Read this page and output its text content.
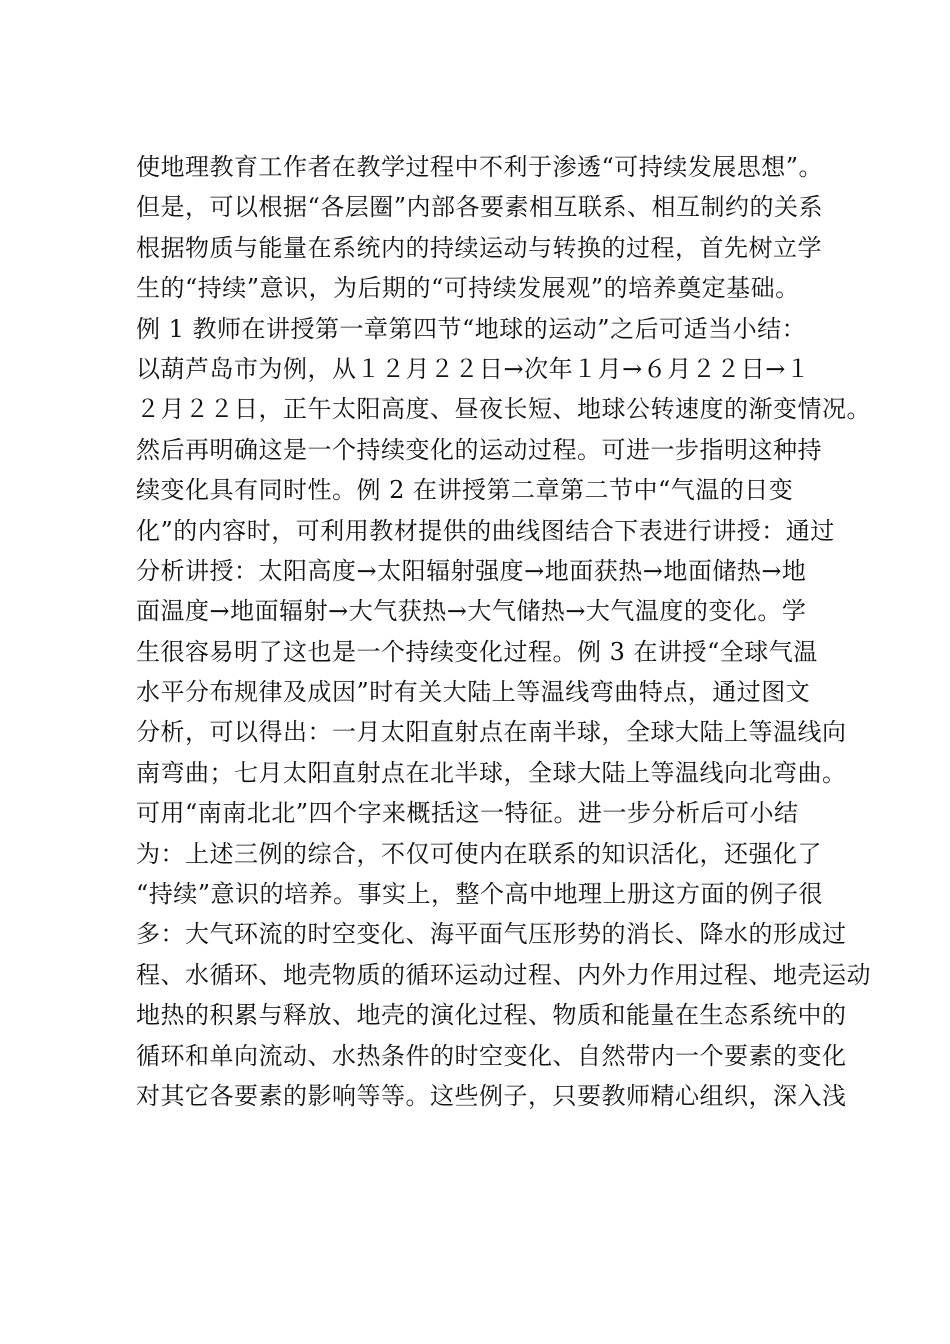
使地理教育工作者在教学过程中不利于渗透“可持续发展思想”。
但是，可以根据“各层圈”内部各要素相互联系、相互制约的关系
根据物质与能量在系统内的持续运动与转换的过程，首先树立学
生的“持续”意识，为后期的“可持续发展观”的培养奠定基础。
例 1 教师在讲授第一章第四节“地球的运动”之后可适当小结：
以葫芦岛市为例，从１２月２２日→次年１月→６月２２日→１
２月２２日，正午太阳高度、昼夜长短、地球公转速度的渐变情况。
然后再明确这是一个持续变化的运动过程。可进一步指明这种持
续变化具有同时性。例 2 在讲授第二章第二节中“气温的日变
化”的内容时，可利用教材提供的曲线图结合下表进行讲授：通过
分析讲授：太阳高度→太阳辐射强度→地面获热→地面储热→地
面温度→地面辐射→大气获热→大气储热→大气温度的变化。学
生很容易明了这也是一个持续变化过程。例 3 在讲授“全球气温
水平分布规律及成因”时有关大陆上等温线弯曲特点，通过图文
分析，可以得出：一月太阳直射点在南半球，全球大陆上等温线向
南弯曲；七月太阳直射点在北半球，全球大陆上等温线向北弯曲。
可用“南南北北”四个字来概括这一特征。进一步分析后可小结
为：上述三例的综合，不仅可使内在联系的知识活化，还强化了
“持续”意识的培养。事实上，整个高中地理上册这方面的例子很
多：大气环流的时空变化、海平面气压形势的消长、降水的形成过
程、水循环、地壳物质的循环运动过程、内外力作用过程、地壳运动
地热的积累与释放、地壳的演化过程、物质和能量在生态系统中的
循环和单向流动、水热条件的时空变化、自然带内一个要素的变化
对其它各要素的影响等等。这些例子，只要教师精心组织，深入浅
